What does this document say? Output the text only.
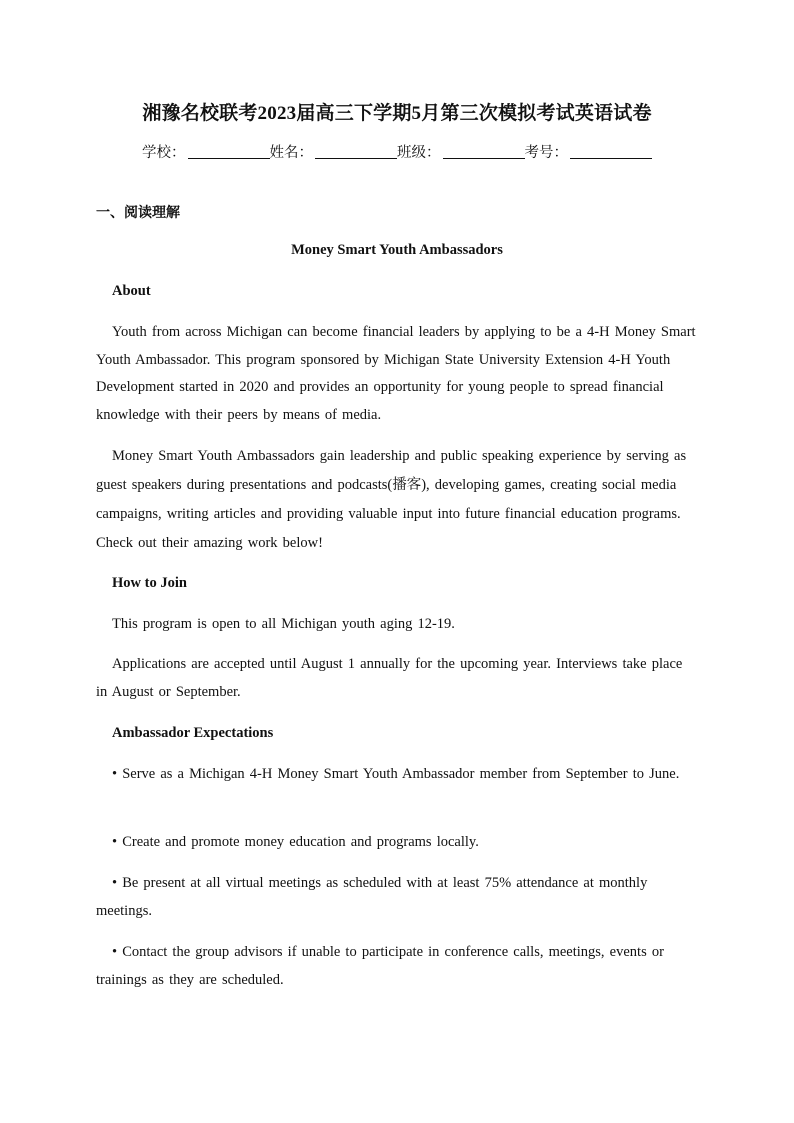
湘豫名校联考2023届高三下学期5月第三次模拟考试英语试卷
学校：	姓名：	班级：	考号：
一、阅读理解
Money Smart Youth Ambassadors
About

Youth from across Michigan can become financial leaders by applying to be a 4-H Money Smart Youth Ambassador. This program sponsored by Michigan State University Extension 4-H Youth Development started in 2020 and provides an opportunity for young people to spread financial knowledge with their peers by means of media.

Money Smart Youth Ambassadors gain leadership and public speaking experience by serving as guest speakers during presentations and podcasts(播客), developing games, creating social media campaigns, writing articles and providing valuable input into future financial education programs. Check out their amazing work below!

How to Join

This program is open to all Michigan youth aging 12-19.

Applications are accepted until August 1 annually for the upcoming year. Interviews take place in August or September.

Ambassador Expectations

• Serve as a Michigan 4-H Money Smart Youth Ambassador member from September to June.

• Create and promote money education and programs locally.

• Be present at all virtual meetings as scheduled with at least 75% attendance at monthly meetings.

• Contact the group advisors if unable to participate in conference calls, meetings, events or trainings as they are scheduled.
